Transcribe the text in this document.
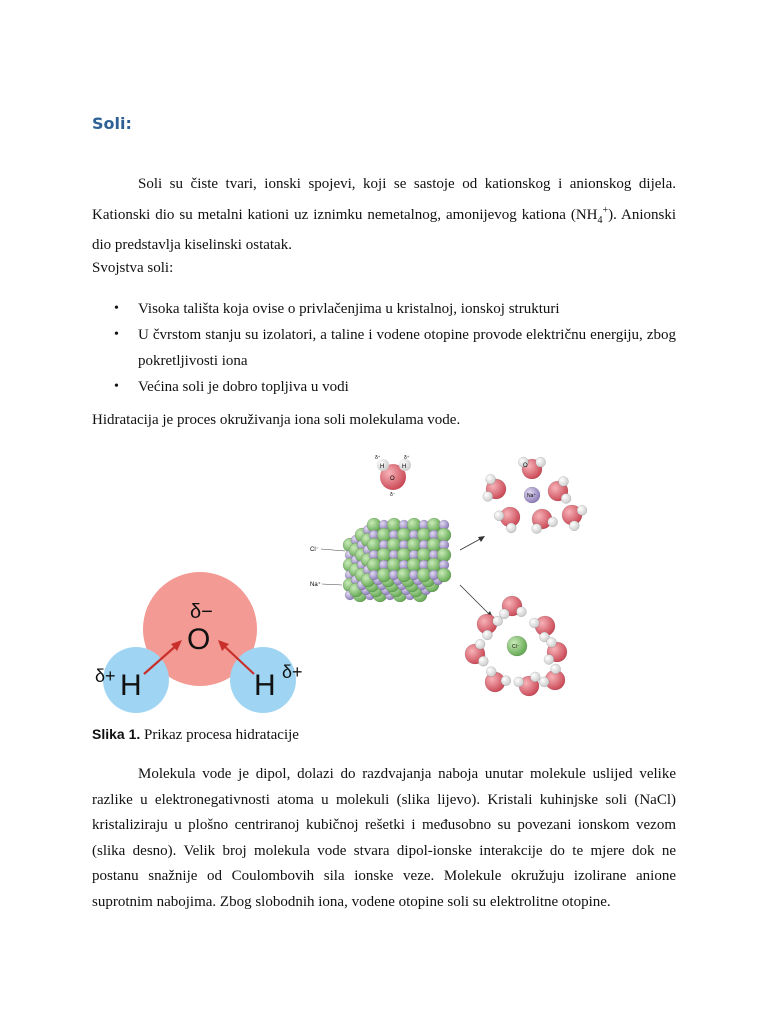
Soli:

Soli su čiste tvari, ionski spojevi, koji se sastoje od kationskog i anionskog dijela. Kationski dio su metalni kationi uz iznimku nemetalnog, amonijevog kationa $(NH_4^+)$. Anionski dio predstavlja kiselinski ostatak.

Svojstva soli:

• Visoka tališta koja ovise o privlačenjima u kristalnoj, ionskoj strukturi
• U čvrstom stanju su izolatori, a taline i vodene otopine provode električnu energiju, zbog pokretljivosti iona
• Većina soli je dobro topljiva u vodi

Hidratacija je proces okruživanja iona soli molekulama vode.

δ−
O
H	H
δ+	δ+
O
H	H
δ⁺	δ⁺
δ⁻
Cl⁻
Na⁺
Na⁺
O
Cl⁻

Slika 1. Prikaz procesa hidratacije

Molekula vode je dipol, dolazi do razdvajanja naboja unutar molekule uslijed velike razlike u elektronegativnosti atoma u molekuli (slika lijevo). Kristali kuhinjske soli (NaCl) kristaliziraju u plošno centriranoj kubičnoj rešetki i međusobno su povezani ionskom vezom (slika desno). Velik broj molekula vode stvara dipol-ionske interakcije do te mjere dok ne postanu snažnije od Coulombovih sila ionske veze. Molekule okružuju izolirane anione suprotnim nabojima. Zbog slobodnih iona, vodene otopine soli su elektrolitne otopine.
